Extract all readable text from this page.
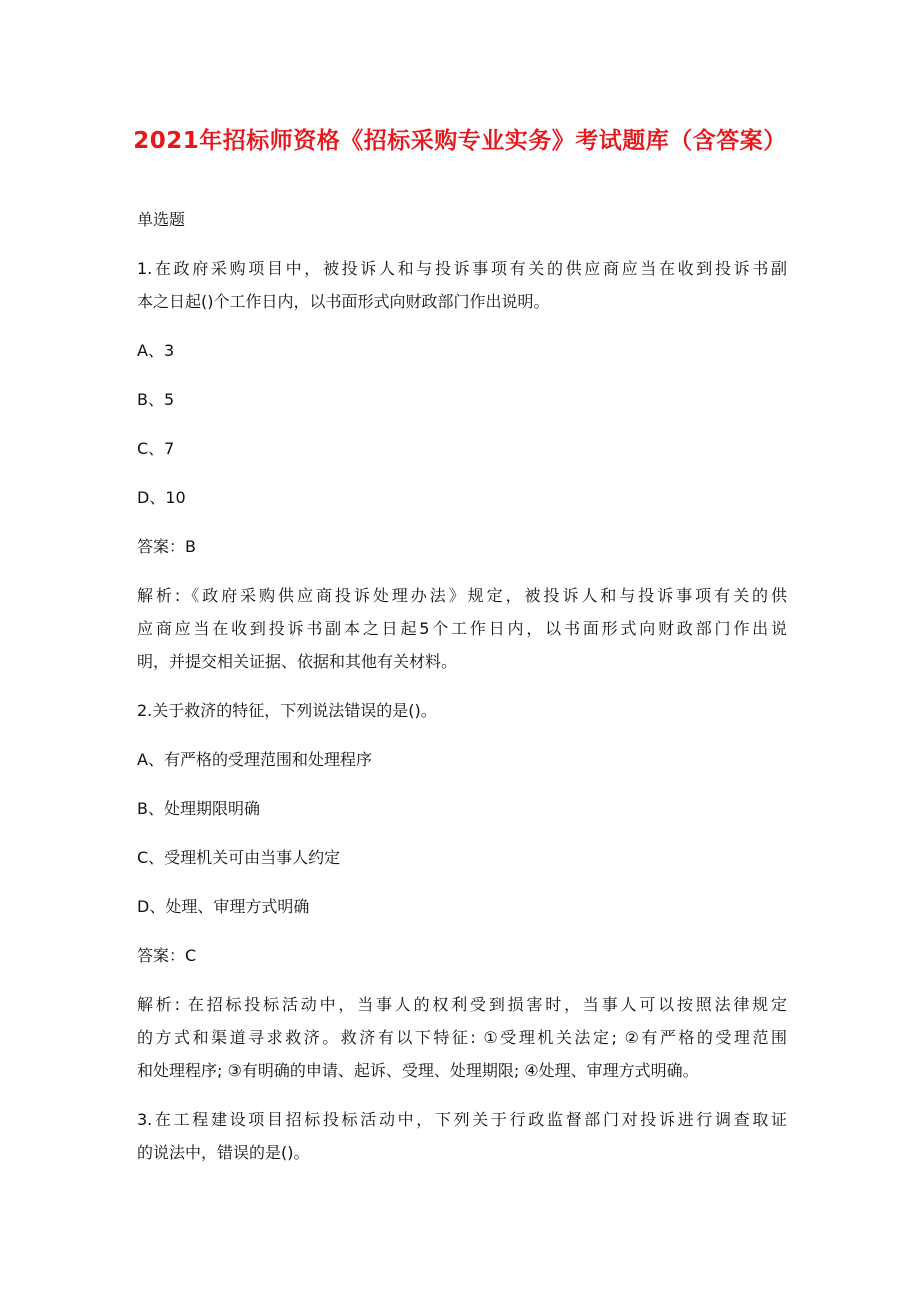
2021年招标师资格《招标采购专业实务》考试题库（含答案）

单选题

1.在政府采购项目中，被投诉人和与投诉事项有关的供应商应当在收到投诉书副

本之日起()个工作日内，以书面形式向财政部门作出说明。

A、3

B、5

C、7

D、10

答案：B

解析:《政府采购供应商投诉处理办法》规定，被投诉人和与投诉事项有关的供

应商应当在收到投诉书副本之日起5个工作日内，以书面形式向财政部门作出说

明，并提交相关证据、依据和其他有关材料。

2.关于救济的特征，下列说法错误的是()。

A、有严格的受理范围和处理程序

B、处理期限明确

C、受理机关可由当事人约定

D、处理、审理方式明确

答案：C

解析: 在招标投标活动中，当事人的权利受到损害时，当事人可以按照法律规定

的方式和渠道寻求救济。救济有以下特征: ①受理机关法定; ②有严格的受理范围

和处理程序; ③有明确的申请、起诉、受理、处理期限; ④处理、审理方式明确。

3.在工程建设项目招标投标活动中，下列关于行政监督部门对投诉进行调查取证

的说法中，错误的是()。
